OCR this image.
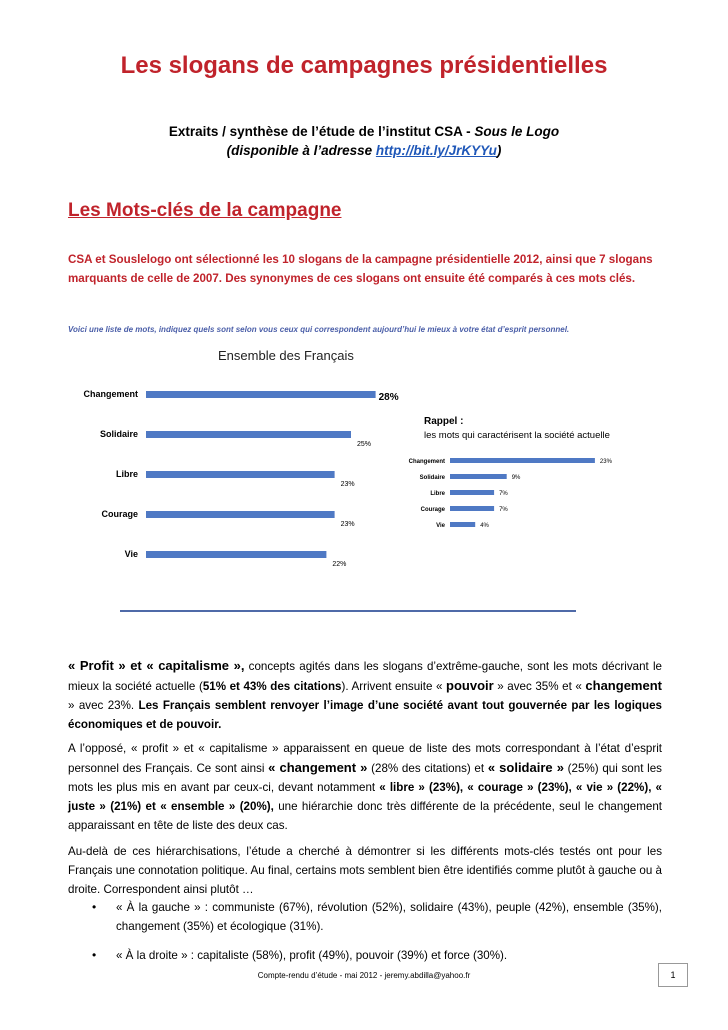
Les slogans de campagnes présidentielles
Extraits / synthèse de l’étude de l’institut CSA - Sous le Logo
(disponible à l’adresse http://bit.ly/JrKYYu)
Les Mots-clés de la campagne
CSA et Souslelogo ont sélectionné les 10 slogans de la campagne présidentielle 2012, ainsi que 7 slogans marquants de celle de 2007. Des synonymes de ces slogans ont ensuite été comparés à ces mots clés.
Voici une liste de mots, indiquez quels sont selon vous ceux qui correspondent aujourd’hui le mieux à votre état d’esprit personnel.
Ensemble des Français
Changement	28%
Solidaire
25%
Libre
23%
Courage
23%
Vie
22%
Changement	23%
Solidaire	9%
Libre	7%
Courage	7%
Vie	4%
Rappel :
les mots qui caractérisent la société actuelle
« Profit » et « capitalisme », concepts agités dans les slogans d’extrême-gauche, sont les mots décrivant le mieux la société actuelle (51% et 43% des citations). Arrivent ensuite « pouvoir » avec 35% et « changement » avec 23%. Les Français semblent renvoyer l’image d’une société avant tout gouvernée par les logiques économiques et de pouvoir.
A l’opposé, « profit » et « capitalisme » apparaissent en queue de liste des mots correspondant à l’état d’esprit personnel des Français. Ce sont ainsi « changement » (28% des citations) et « solidaire » (25%) qui sont les mots les plus mis en avant par ceux-ci, devant notamment « libre » (23%), « courage » (23%), « vie » (22%), « juste » (21%) et « ensemble » (20%), une hiérarchie donc très différente de la précédente, seul le changement apparaissant en tête de liste des deux cas.
Au-delà de ces hiérarchisations, l’étude a cherché à démontrer si les différents mots-clés testés ont pour les Français une connotation politique. Au final, certains mots semblent bien être identifiés comme plutôt à gauche ou à droite. Correspondent ainsi plutôt …
•	« À la gauche » : communiste (67%), révolution (52%), solidaire (43%), peuple (42%), ensemble (35%), changement (35%) et écologique (31%).
•	« À la droite » : capitaliste (58%), profit (49%), pouvoir (39%) et force (30%).
Compte-rendu d’étude - mai 2012 - jeremy.abdilla@yahoo.fr	1
